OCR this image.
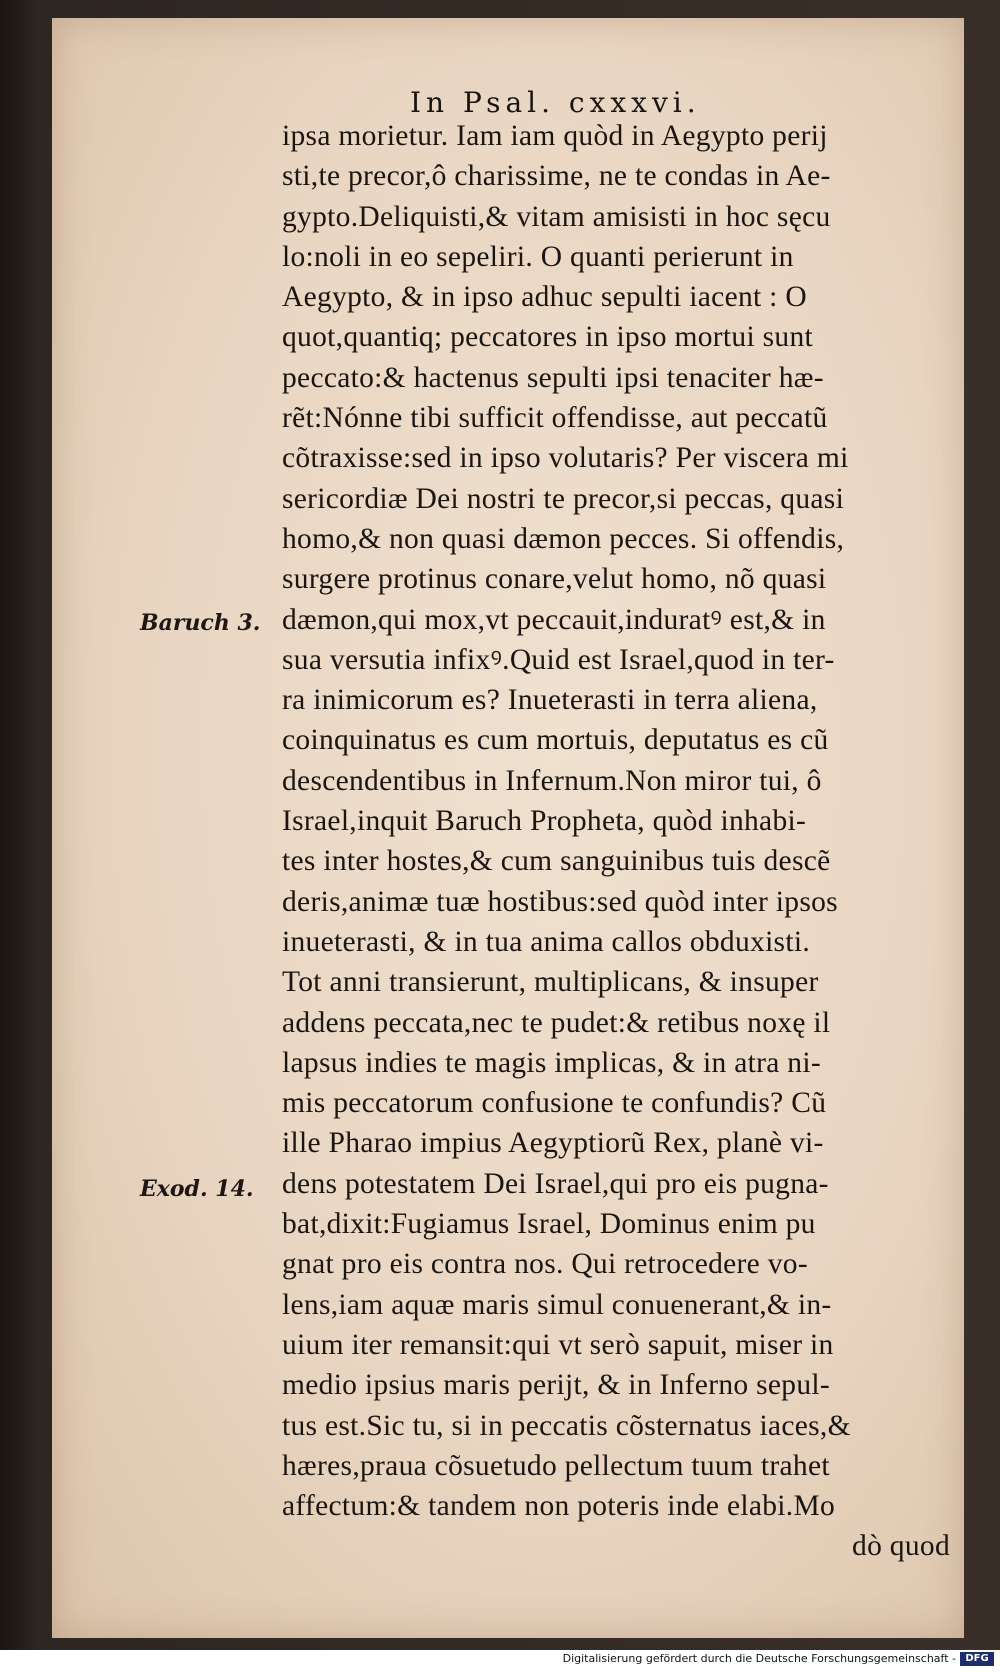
In Psal. cxxxvi.
ipsa morietur. Iam iam quòd in Aegypto perij
sti,te precor,ô charissime, ne te condas in Ae-
gypto.Deliquisti,& vitam amisisti in hoc sęcu
lo:noli in eo sepeliri. O quanti perierunt in
Aegypto, & in ipso adhuc sepulti iacent : O
quot,quantiq; peccatores in ipso mortui sunt
peccato:& hactenus sepulti ipsi tenaciter hæ-
rẽt:Nónne tibi sufficit offendisse, aut peccatũ
cõtraxisse:sed in ipso volutaris? Per viscera mi
sericordiæ Dei nostri te precor,si peccas, quasi
homo,& non quasi dæmon pecces. Si offendis,
surgere protinus conare,velut homo, nõ quasi
dæmon,qui mox,vt peccauit,induratꝰ est,& in
sua versutia infixꝰ.Quid est Israel,quod in ter-
ra inimicorum es? Inueterasti in terra aliena,
coinquinatus es cum mortuis, deputatus es cũ
descendentibus in Infernum.Non miror tui, ô
Israel,inquit Baruch Propheta, quòd inhabi-
tes inter hostes,& cum sanguinibus tuis descẽ
deris,animæ tuæ hostibus:sed quòd inter ipsos
inueterasti, & in tua anima callos obduxisti.
Tot anni transierunt, multiplicans, & insuper
addens peccata,nec te pudet:& retibus noxę il
lapsus indies te magis implicas, & in atra ni-
mis peccatorum confusione te confundis? Cũ
ille Pharao impius Aegyptiorũ Rex, planè vi-
dens potestatem Dei Israel,qui pro eis pugna-
bat,dixit:Fugiamus Israel, Dominus enim pu
gnat pro eis contra nos. Qui retrocedere vo-
lens,iam aquæ maris simul conuenerant,& in-
uium iter remansit:qui vt serò sapuit, miser in
medio ipsius maris perijt, & in Inferno sepul-
tus est.Sic tu, si in peccatis cõsternatus iaces,&
hæres,praua cõsuetudo pellectum tuum trahet
affectum:& tandem non poteris inde elabi.Mo
dò quod
Baruch 3.
Exod. 14.
Digitalisierung gefördert durch die Deutsche Forschungsgemeinschaft - DFG
